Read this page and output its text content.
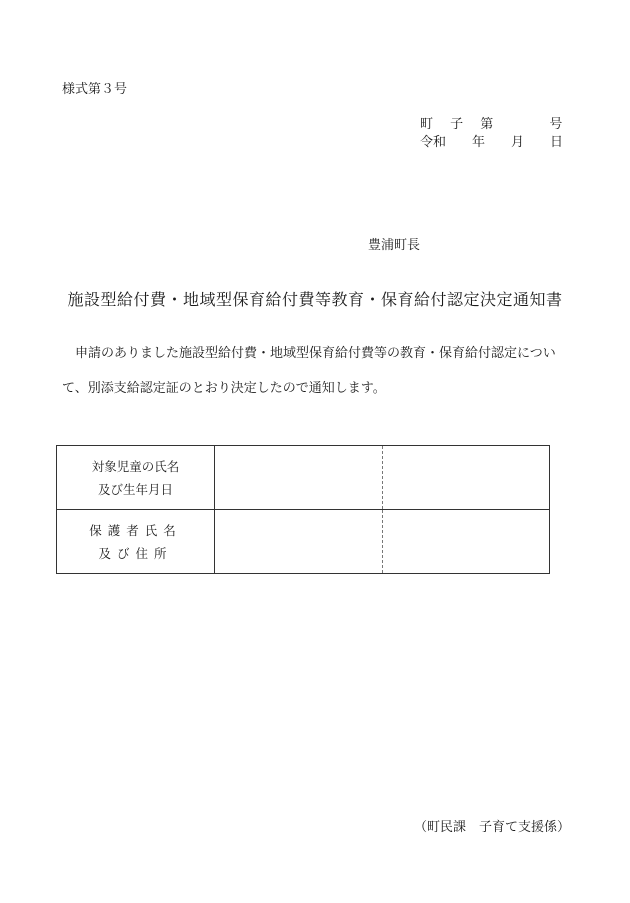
様式第３号
町　 子 　第　　　　 号
令和　　年　　月　　日
豊浦町長
施設型給付費・地域型保育給付費等教育・保育給付認定決定通知書
　申請のありました施設型給付費・地域型保育給付費等の教育・保育給付認定につい
て、別添支給認定証のとおり決定したので通知します。
対象児童の氏名
及び生年月日		

保護者氏名
及び住所		

（町民課　子育て支援係）
